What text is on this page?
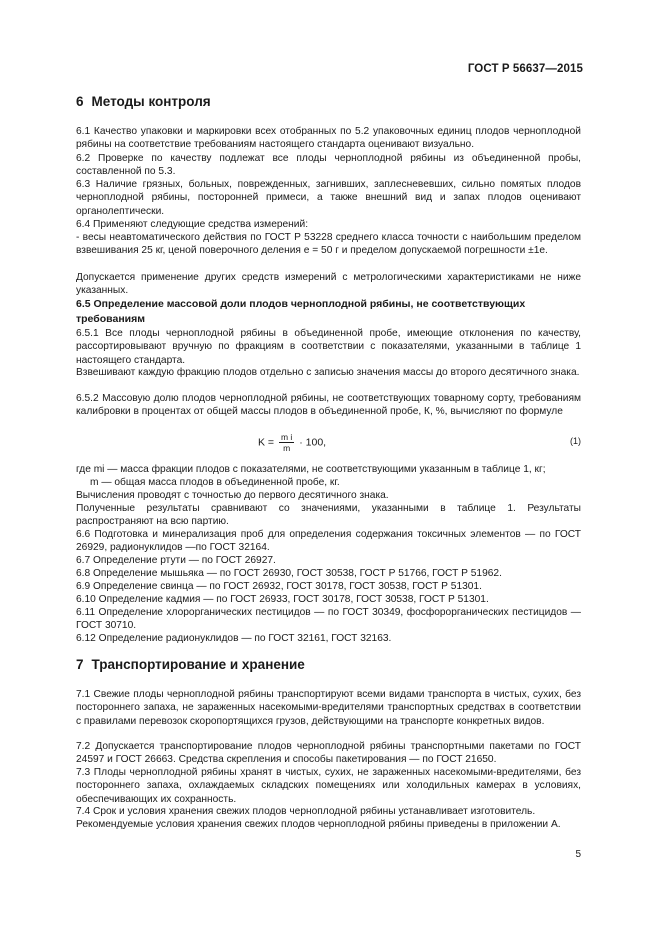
ГОСТ Р 56637—2015
6 Методы контроля
6.1 Качество упаковки и маркировки всех отобранных по 5.2 упаковочных единиц плодов черноплодной рябины на соответствие требованиям настоящего стандарта оценивают визуально.
6.2 Проверке по качеству подлежат все плоды черноплодной рябины из объединенной пробы, составленной по 5.3.
6.3 Наличие грязных, больных, поврежденных, загнивших, заплесневевших, сильно помятых плодов черноплодной рябины, посторонней примеси, а также внешний вид и запах плодов оценивают органолептически.
6.4 Применяют следующие средства измерений:
- весы неавтоматического действия по ГОСТ Р 53228 среднего класса точности с наибольшим пределом взвешивания 25 кг, ценой поверочного деления е = 50 г и пределом допускаемой погрешности ±1е.
Допускается применение других средств измерений с метрологическими характеристиками не ниже указанных.
6.5 Определение массовой доли плодов черноплодной рябины, не соответствующих требованиям
6.5.1 Все плоды черноплодной рябины в объединенной пробе, имеющие отклонения по качеству, рассортировывают вручную по фракциям в соответствии с показателями, указанными в таблице 1 настоящего стандарта.
Взвешивают каждую фракцию плодов отдельно с записью значения массы до второго десятичного знака.
6.5.2 Массовую долю плодов черноплодной рябины, не соответствующих товарному сорту, требованиям калибровки в процентах от общей массы плодов в объединенной пробе, К, %, вычисляют по формуле
$K = \frac{\text{m i}}{m} \cdot 100$,	(1)
где mi — масса фракции плодов с показателями, не соответствующими указанным в таблице 1, кг;
m — общая масса плодов в объединенной пробе, кг.
Вычисления проводят с точностью до первого десятичного знака.
Полученные результаты сравнивают со значениями, указанными в таблице 1. Результаты распространяют на всю партию.
6.6 Подготовка и минерализация проб для определения содержания токсичных элементов — по ГОСТ 26929, радионуклидов —по ГОСТ 32164.
6.7 Определение ртути — по ГОСТ 26927.
6.8 Определение мышьяка — по ГОСТ 26930, ГОСТ 30538, ГОСТ Р 51766, ГОСТ Р 51962.
6.9 Определение свинца — по ГОСТ 26932, ГОСТ 30178, ГОСТ 30538, ГОСТ Р 51301.
6.10 Определение кадмия — по ГОСТ 26933, ГОСТ 30178, ГОСТ 30538, ГОСТ Р 51301.
6.11 Определение хлорорганических пестицидов — по ГОСТ 30349, фосфорорганических пестицидов — ГОСТ 30710.
6.12 Определение радионуклидов — по ГОСТ 32161, ГОСТ 32163.
7 Транспортирование и хранение
7.1 Свежие плоды черноплодной рябины транспортируют всеми видами транспорта в чистых, сухих, без постороннего запаха, не зараженных насекомыми-вредителями транспортных средствах в соответствии с правилами перевозок скоропортящихся грузов, действующими на транспорте конкретных видов.
7.2 Допускается транспортирование плодов черноплодной рябины транспортными пакетами по ГОСТ 24597 и ГОСТ 26663. Средства скрепления и способы пакетирования — по ГОСТ 21650.
7.3 Плоды черноплодной рябины хранят в чистых, сухих, не зараженных насекомыми-вредителями, без постороннего запаха, охлаждаемых складских помещениях или холодильных камерах в условиях, обеспечивающих их сохранность.
7.4 Срок и условия хранения свежих плодов черноплодной рябины устанавливает изготовитель.
Рекомендуемые условия хранения свежих плодов черноплодной рябины приведены в приложении А.
5
